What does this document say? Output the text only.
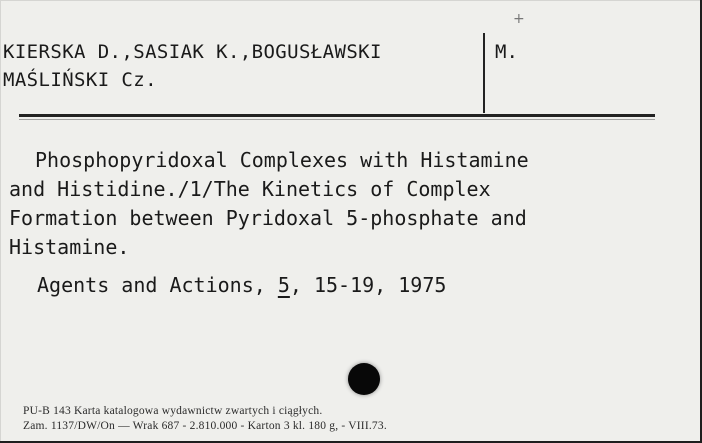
+
KIERSKA D.,SASIAK K.,BOGUSŁAWSKI
MAŚLIŃSKI Cz.
M.
Phosphopyridoxal Complexes with Histamine
and Histidine./1/The Kinetics of Complex
Formation between Pyridoxal 5-phosphate and
Histamine.
Agents and Actions, 5, 15-19, 1975
PU-B 143 Karta katalogowa wydawnictw zwartych i ciągłych.
Zam. 1137/DW/On — Wrak 687 - 2.810.000 - Karton 3 kl. 180 g, - VIII.73.
